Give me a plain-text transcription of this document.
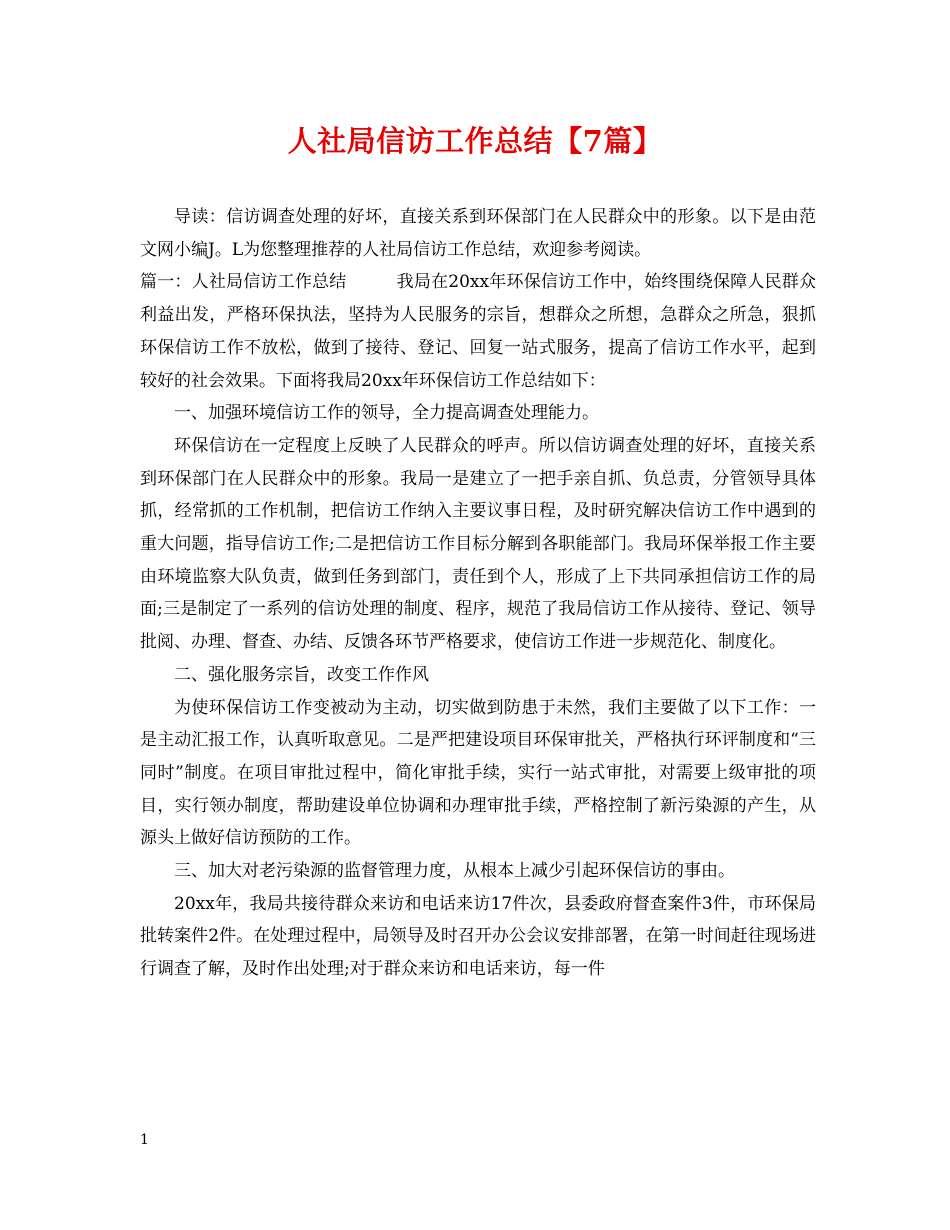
人社局信访工作总结【7篇】

导读：信访调查处理的好坏，直接关系到环保部门在人民群众中的形象。以下是由范文网小编J。L为您整理推荐的人社局信访工作总结，欢迎参考阅读。

篇一：人社局信访工作总结	我局在20xx年环保信访工作中，始终围绕保障人民群众利益出发，严格环保执法，坚持为人民服务的宗旨，想群众之所想，急群众之所急，狠抓环保信访工作不放松，做到了接待、登记、回复一站式服务，提高了信访工作水平，起到较好的社会效果。下面将我局20xx年环保信访工作总结如下：

一、加强环境信访工作的领导，全力提高调查处理能力。

环保信访在一定程度上反映了人民群众的呼声。所以信访调查处理的好坏，直接关系到环保部门在人民群众中的形象。我局一是建立了一把手亲自抓、负总责，分管领导具体抓，经常抓的工作机制，把信访工作纳入主要议事日程，及时研究解决信访工作中遇到的重大问题，指导信访工作;二是把信访工作目标分解到各职能部门。我局环保举报工作主要由环境监察大队负责，做到任务到部门，责任到个人，形成了上下共同承担信访工作的局面;三是制定了一系列的信访处理的制度、程序，规范了我局信访工作从接待、登记、领导批阅、办理、督查、办结、反馈各环节严格要求，使信访工作进一步规范化、制度化。

二、强化服务宗旨，改变工作作风

为使环保信访工作变被动为主动，切实做到防患于未然，我们主要做了以下工作：一是主动汇报工作，认真听取意见。二是严把建设项目环保审批关，严格执行环评制度和“三同时”制度。在项目审批过程中，简化审批手续，实行一站式审批，对需要上级审批的项目，实行领办制度，帮助建设单位协调和办理审批手续，严格控制了新污染源的产生，从源头上做好信访预防的工作。

三、加大对老污染源的监督管理力度，从根本上减少引起环保信访的事由。

20xx年，我局共接待群众来访和电话来访17件次，县委政府督查案件3件，市环保局批转案件2件。在处理过程中，局领导及时召开办公会议安排部署，在第一时间赶往现场进行调查了解，及时作出处理;对于群众来访和电话来访，每一件

1
